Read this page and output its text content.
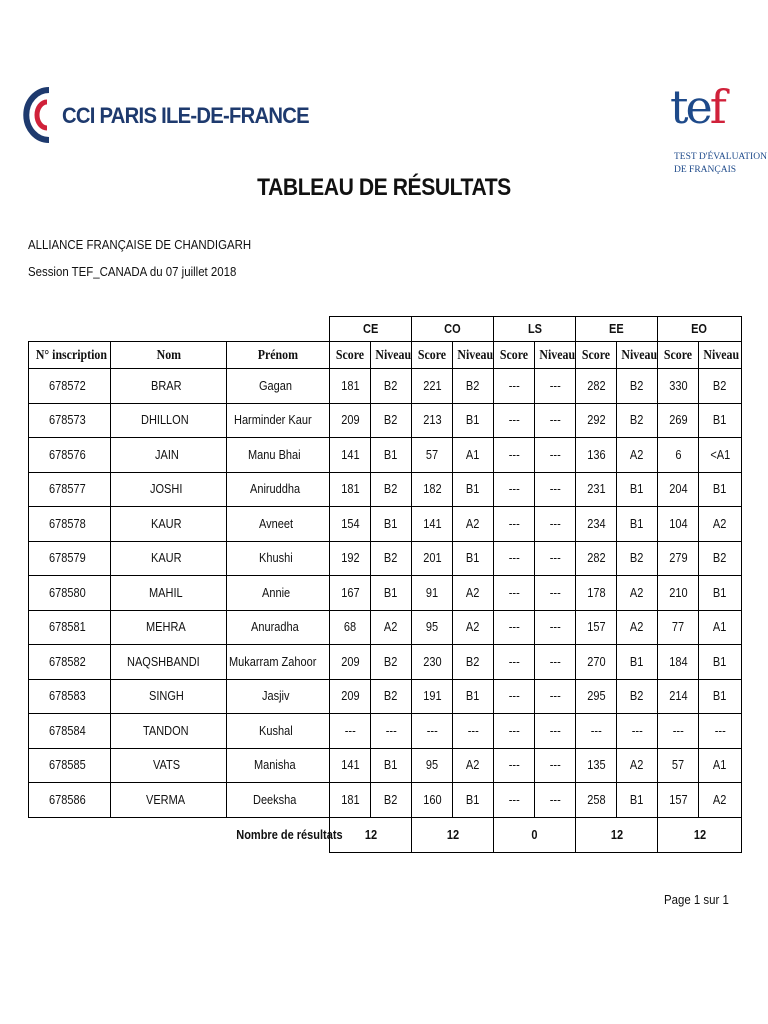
CCI PARIS ILE-DE-FRANCE	tef
TEST D'ÉVALUATION
DE FRANÇAIS
TABLEAU DE RÉSULTATS
ALLIANCE FRANÇAISE DE CHANDIGARH
Session TEF_CANADA du 07 juillet 2018
			CE		CO		LS		EE		EO	
N° inscription	Nom	Prénom	Score	Niveau	Score	Niveau	Score	Niveau	Score	Niveau	Score	Niveau
678572	BRAR	Gagan	181	B2	221	B2	---	---	282	B2	330	B2
678573	DHILLON	Harminder Kaur	209	B2	213	B1	---	---	292	B2	269	B1
678576	JAIN	Manu Bhai	141	B1	57	A1	---	---	136	A2	6	<A1
678577	JOSHI	Aniruddha	181	B2	182	B1	---	---	231	B1	204	B1
678578	KAUR	Avneet	154	B1	141	A2	---	---	234	B1	104	A2
678579	KAUR	Khushi	192	B2	201	B1	---	---	282	B2	279	B2
678580	MAHIL	Annie	167	B1	91	A2	---	---	178	A2	210	B1
678581	MEHRA	Anuradha	68	A2	95	A2	---	---	157	A2	77	A1
678582	NAQSHBANDI	Mukarram Zahoor	209	B2	230	B2	---	---	270	B1	184	B1
678583	SINGH	Jasjiv	209	B2	191	B1	---	---	295	B2	214	B1
678584	TANDON	Kushal	---	---	---	---	---	---	---	---	---	---
678585	VATS	Manisha	141	B1	95	A2	---	---	135	A2	57	A1
678586	VERMA	Deeksha	181	B2	160	B1	---	---	258	B1	157	A2
		Nombre de résultats	12		12		0		12		12	
Page 1 sur 1
